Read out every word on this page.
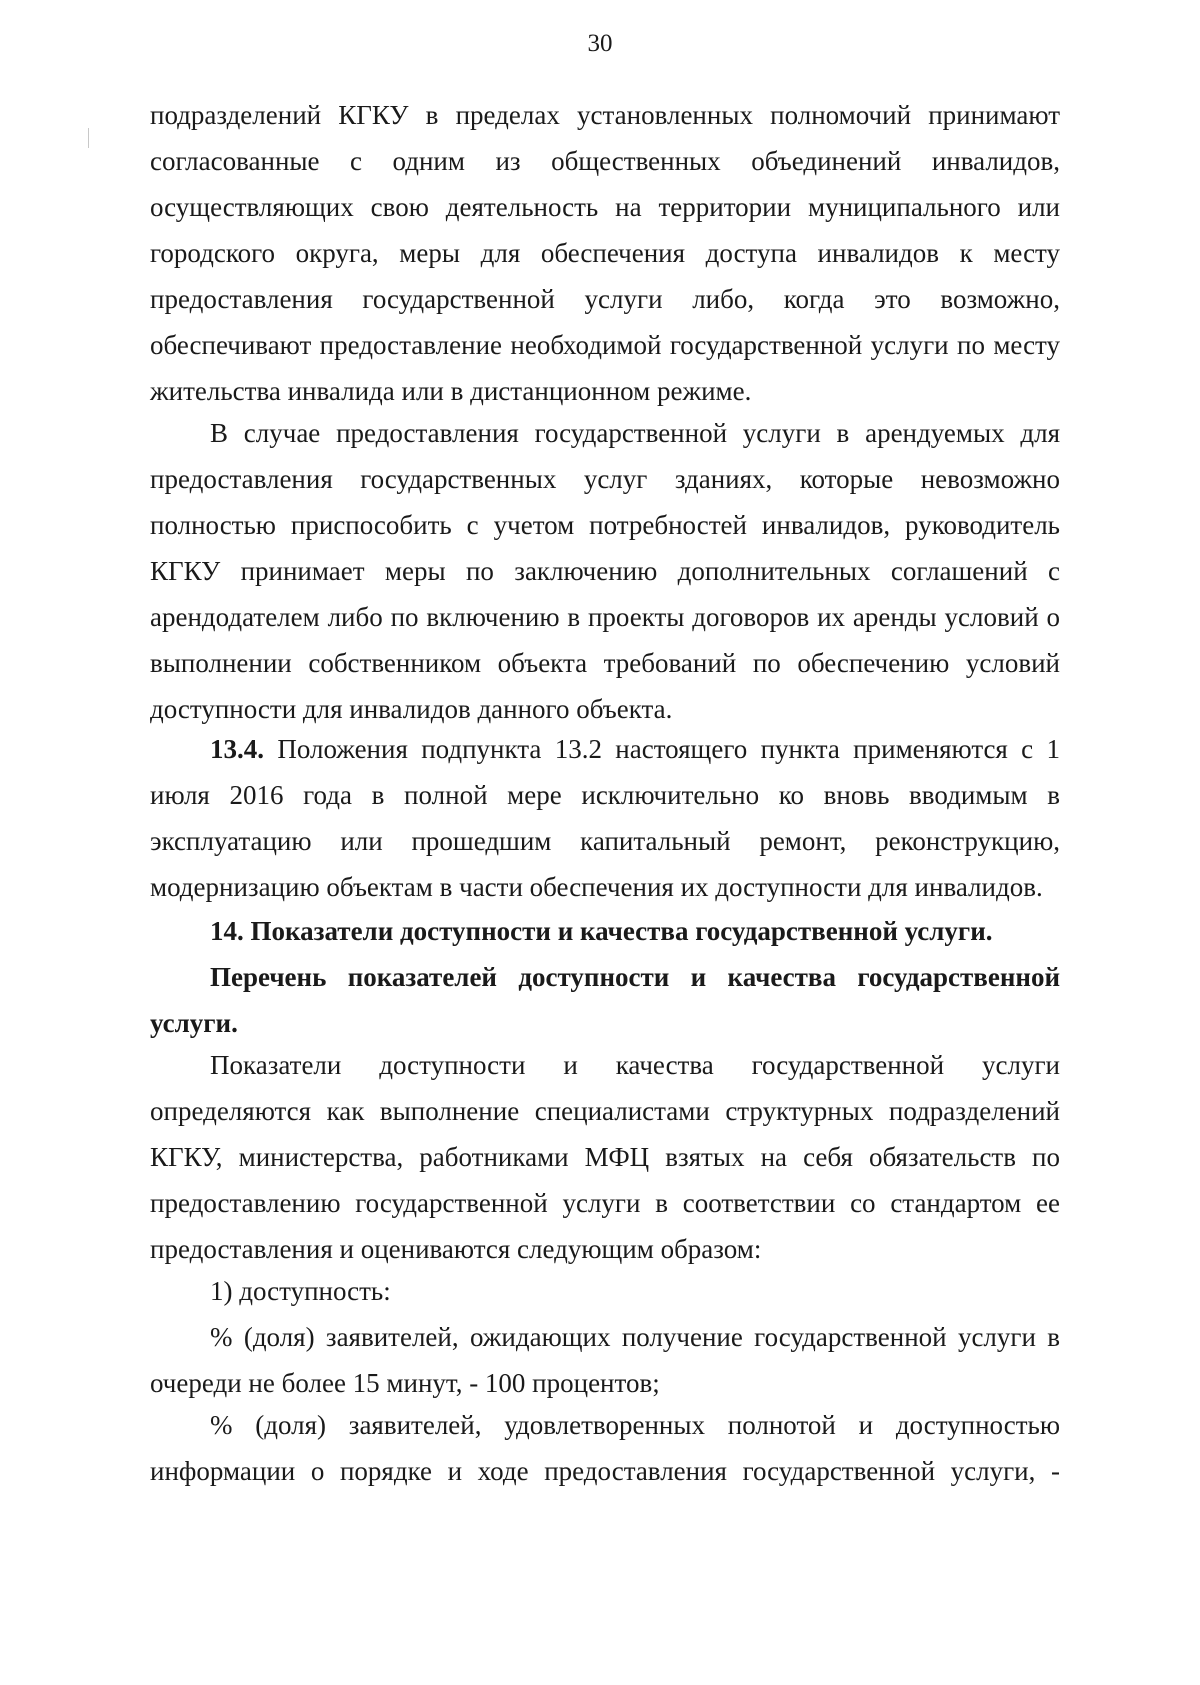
30
подразделений КГКУ в пределах установленных полномочий принимают согласованные с одним из общественных объединений инвалидов, осуществляющих свою деятельность на территории муниципального или городского округа, меры для обеспечения доступа инвалидов к месту предоставления государственной услуги либо, когда это возможно, обеспечивают предоставление необходимой государственной услуги по месту жительства инвалида или в дистанционном режиме.
В случае предоставления государственной услуги в арендуемых для предоставления государственных услуг зданиях, которые невозможно полностью приспособить с учетом потребностей инвалидов, руководитель КГКУ принимает меры по заключению дополнительных соглашений с арендодателем либо по включению в проекты договоров их аренды условий о выполнении собственником объекта требований по обеспечению условий доступности для инвалидов данного объекта.
13.4. Положения подпункта 13.2 настоящего пункта применяются с 1 июля 2016 года в полной мере исключительно ко вновь вводимым в эксплуатацию или прошедшим капитальный ремонт, реконструкцию, модернизацию объектам в части обеспечения их доступности для инвалидов.
14. Показатели доступности и качества государственной услуги.
Перечень показателей доступности и качества государственной услуги.
Показатели доступности и качества государственной услуги определяются как выполнение специалистами структурных подразделений КГКУ, министерства, работниками МФЦ взятых на себя обязательств по предоставлению государственной услуги в соответствии со стандартом ее предоставления и оцениваются следующим образом:
1) доступность:
% (доля) заявителей, ожидающих получение государственной услуги в очереди не более 15 минут, - 100 процентов;
% (доля) заявителей, удовлетворенных полнотой и доступностью информации о порядке и ходе предоставления государственной услуги, -
